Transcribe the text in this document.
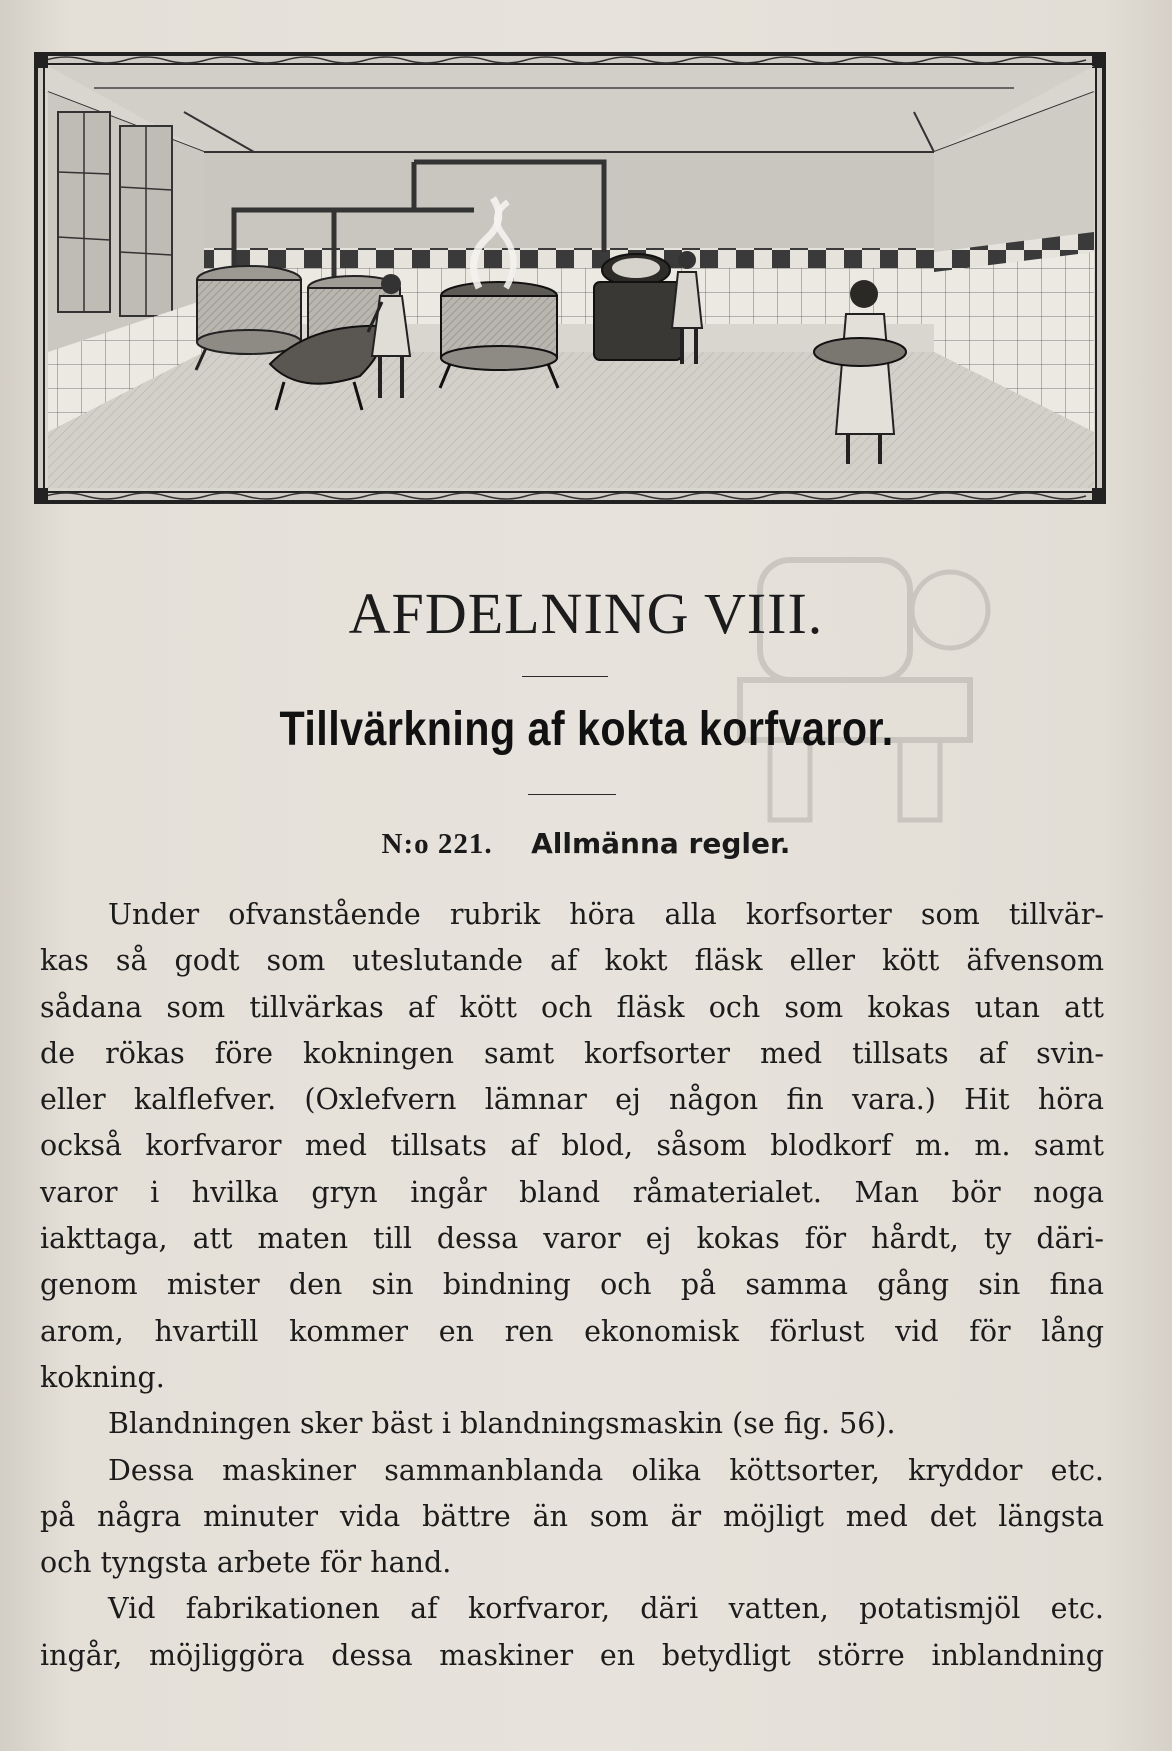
AFDELNING VIII.
Tillvärkning af kokta korfvaror.
N:o 221. Allmänna regler.
Under ofvanstående rubrik höra alla korfsorter som tillvär-
kas så godt som uteslutande af kokt fläsk eller kött äfvensom
sådana som tillvärkas af kött och fläsk och som kokas utan att
de rökas före kokningen samt korfsorter med tillsats af svin-
eller kalflefver. (Oxlefvern lämnar ej någon fin vara.) Hit höra
också korfvaror med tillsats af blod, såsom blodkorf m. m. samt
varor i hvilka gryn ingår bland råmaterialet. Man bör noga
iakttaga, att maten till dessa varor ej kokas för hårdt, ty däri-
genom mister den sin bindning och på samma gång sin fina
arom, hvartill kommer en ren ekonomisk förlust vid för lång
kokning.
Blandningen sker bäst i blandningsmaskin (se fig. 56).
Dessa maskiner sammanblanda olika köttsorter, kryddor etc.
på några minuter vida bättre än som är möjligt med det längsta
och tyngsta arbete för hand.
Vid fabrikationen af korfvaror, däri vatten, potatismjöl etc.
ingår, möjliggöra dessa maskiner en betydligt större inblandning
